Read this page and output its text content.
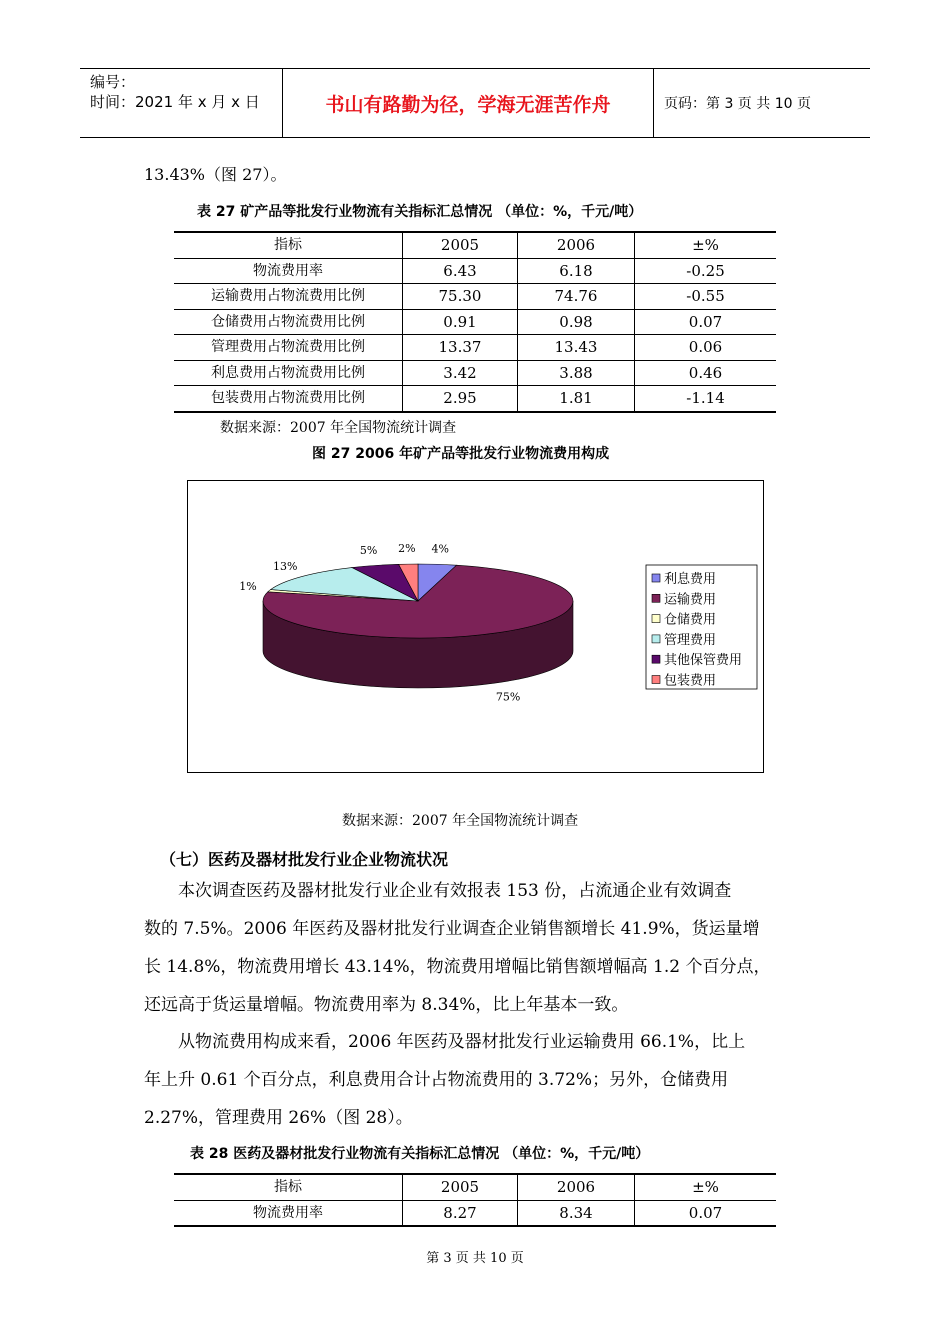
编号：
时间：2021 年 x 月 x 日	书山有路勤为径，学海无涯苦作舟	页码：第 3 页 共 10 页
13.43%（图 27）。
表 27 矿产品等批发行业物流有关指标汇总情况 （单位：%，千元/吨）
指标	2005	2006	±%
物流费用率	6.43	6.18	-0.25
运输费用占物流费用比例	75.30	74.76	-0.55
仓储费用占物流费用比例	0.91	0.98	0.07
管理费用占物流费用比例	13.37	13.43	0.06
利息费用占物流费用比例	3.42	3.88	0.46
包装费用占物流费用比例	2.95	1.81	-1.14
数据来源：2007 年全国物流统计调查
图 27 2006 年矿产品等批发行业物流费用构成
4%
75%
1%
13%
5% 2%
利息费用
运输费用
仓储费用
管理费用
其他保管费用
包装费用
数据来源：2007 年全国物流统计调查
（七）医药及器材批发行业企业物流状况
　　本次调查医药及器材批发行业企业有效报表 153 份，占流通企业有效调查
数的 7.5%。2006 年医药及器材批发行业调查企业销售额增长 41.9%，货运量增
长 14.8%，物流费用增长 43.14%，物流费用增幅比销售额增幅高 1.2 个百分点，
还远高于货运量增幅。物流费用率为 8.34%，比上年基本一致。
　　从物流费用构成来看，2006 年医药及器材批发行业运输费用 66.1%，比上
年上升 0.61 个百分点，利息费用合计占物流费用的 3.72%；另外，仓储费用
2.27%，管理费用 26%（图 28）。
表 28 医药及器材批发行业物流有关指标汇总情况 （单位：%，千元/吨）
指标	2005	2006	±%
物流费用率	8.27	8.34	0.07
第 3 页 共 10 页
